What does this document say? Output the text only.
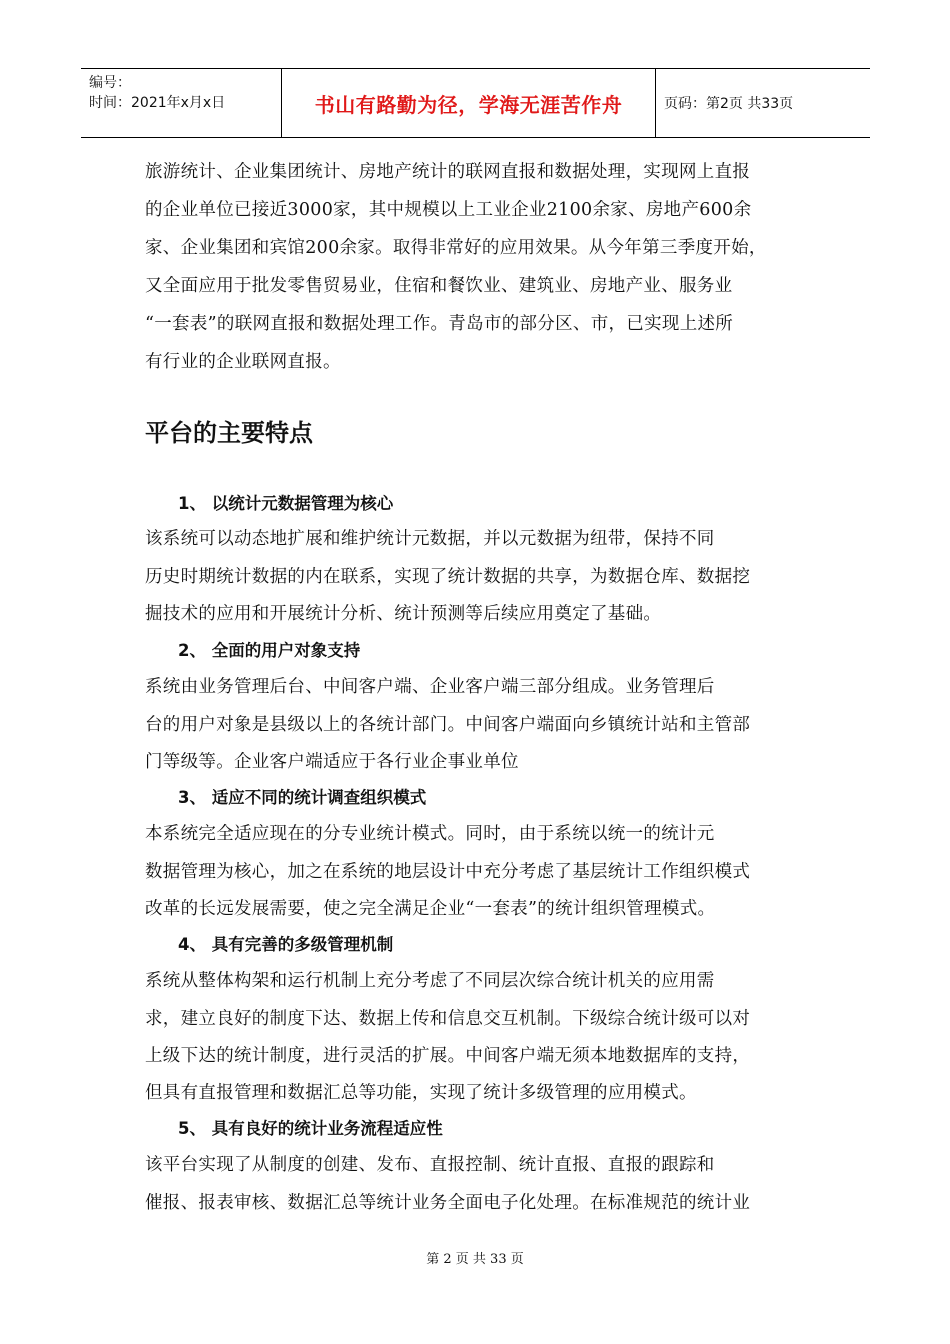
编号：
时间：2021年x月x日	书山有路勤为径，学海无涯苦作舟	页码：第2页 共33页
旅游统计、企业集团统计、房地产统计的联网直报和数据处理，实现网上直报
的企业单位已接近3000家，其中规模以上工业企业2100余家、房地产600余
家、企业集团和宾馆200余家。取得非常好的应用效果。从今年第三季度开始，
又全面应用于批发零售贸易业，住宿和餐饮业、建筑业、房地产业、服务业
“一套表”的联网直报和数据处理工作。青岛市的部分区、市，已实现上述所
有行业的企业联网直报。
平台的主要特点
1、 以统计元数据管理为核心
该系统可以动态地扩展和维护统计元数据，并以元数据为纽带，保持不同
历史时期统计数据的内在联系，实现了统计数据的共享，为数据仓库、数据挖
掘技术的应用和开展统计分析、统计预测等后续应用奠定了基础。
2、 全面的用户对象支持
系统由业务管理后台、中间客户端、企业客户端三部分组成。业务管理后
台的用户对象是县级以上的各统计部门。中间客户端面向乡镇统计站和主管部
门等级等。企业客户端适应于各行业企事业单位
3、 适应不同的统计调查组织模式
本系统完全适应现在的分专业统计模式。同时，由于系统以统一的统计元
数据管理为核心，加之在系统的地层设计中充分考虑了基层统计工作组织模式
改革的长远发展需要，使之完全满足企业“一套表”的统计组织管理模式。
4、 具有完善的多级管理机制
系统从整体构架和运行机制上充分考虑了不同层次综合统计机关的应用需
求，建立良好的制度下达、数据上传和信息交互机制。下级综合统计级可以对
上级下达的统计制度，进行灵活的扩展。中间客户端无须本地数据库的支持，
但具有直报管理和数据汇总等功能，实现了统计多级管理的应用模式。
5、 具有良好的统计业务流程适应性
该平台实现了从制度的创建、发布、直报控制、统计直报、直报的跟踪和
催报、报表审核、数据汇总等统计业务全面电子化处理。在标准规范的统计业
第 2 页 共 33 页
